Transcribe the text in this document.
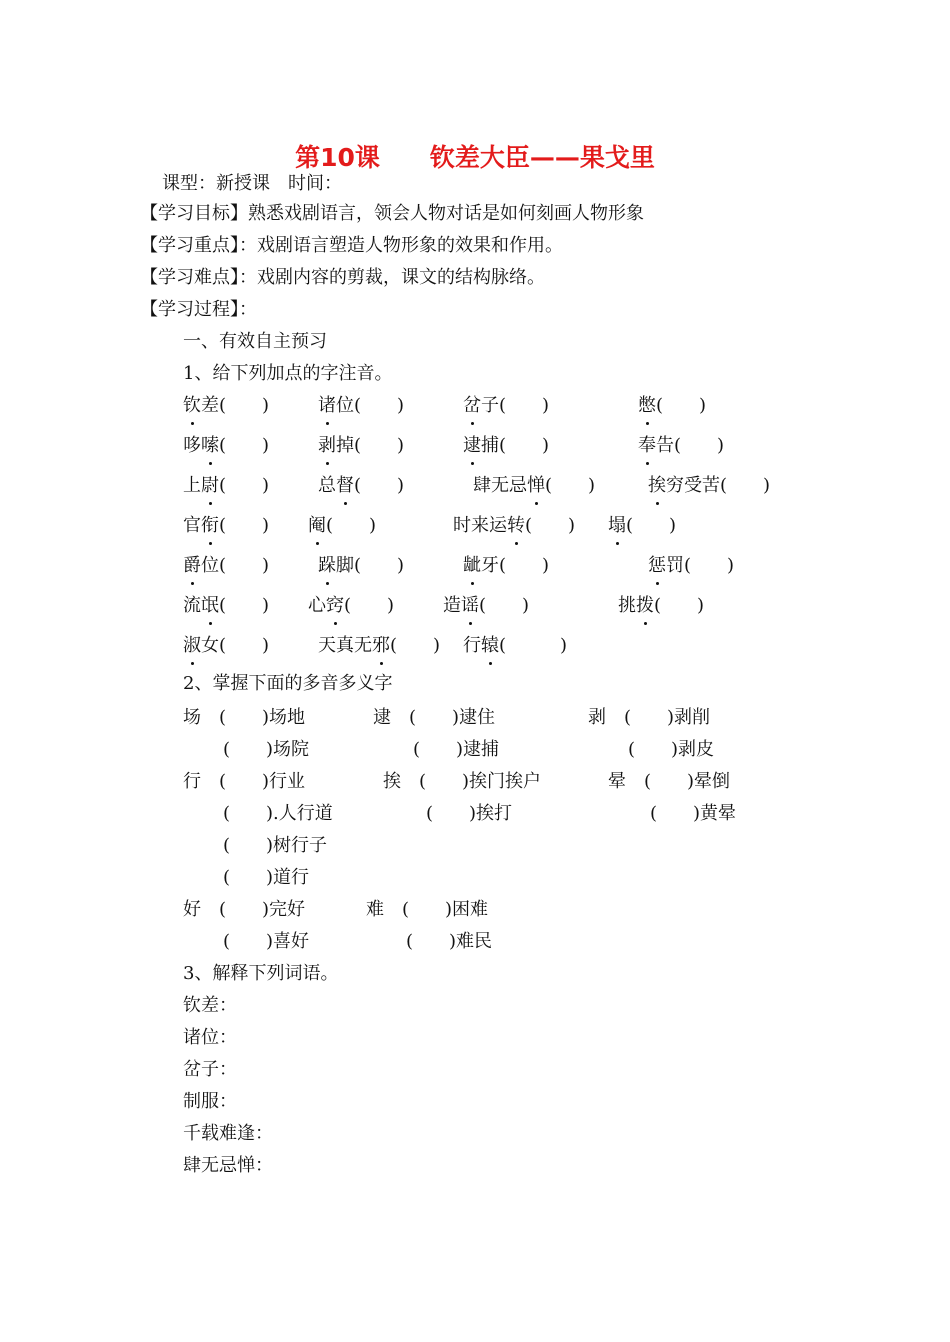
第10课 钦差大臣——果戈里
课型：新授课　时间：
【学习目标】熟悉戏剧语言，领会人物对话是如何刻画人物形象
【学习重点】：戏剧语言塑造人物形象的效果和作用。
【学习难点】：戏剧内容的剪裁，课文的结构脉络。
【学习过程】：
一、有效自主预习
1、给下列加点的字注音。
钦差(　　)	诸位(　　)	岔子(　　)	憋(　　)
哆嗦(　　)	剥掉(　　)	逮捕(　　)	奉告(　　)
上尉(　　)	总督(　　)	肆无忌惮(　　)	挨穷受苦(　　)
官衔(　　) 阉(　　)	时来运转(　　) 塌(　　)
爵位(　　)	跺脚(　　)	龇牙(　　)	惩罚(　　)
流氓(　　) 心窍(　　)	造谣(　　)	挑拨(　　)
淑女(　　)	天真无邪(　　) 行辕(　　　)
2、掌握下面的多音多义字
场　(　　)场地	逮　(　　)逮住	剥　(　　)剥削
(　　)场院	(　　)逮捕	(　　)剥皮
行　(　　)行业	挨　(　　)挨门挨户	晕　(　　)晕倒
(　　).人行道	(　　)挨打	(　　)黄晕
(　　)树行子
(　　)道行
好　(　　)完好	难　(　　)困难
(　　)喜好	(　　)难民
3、解释下列词语。
钦差：
诸位：
岔子：
制服：
千载难逢：
肆无忌惮：
